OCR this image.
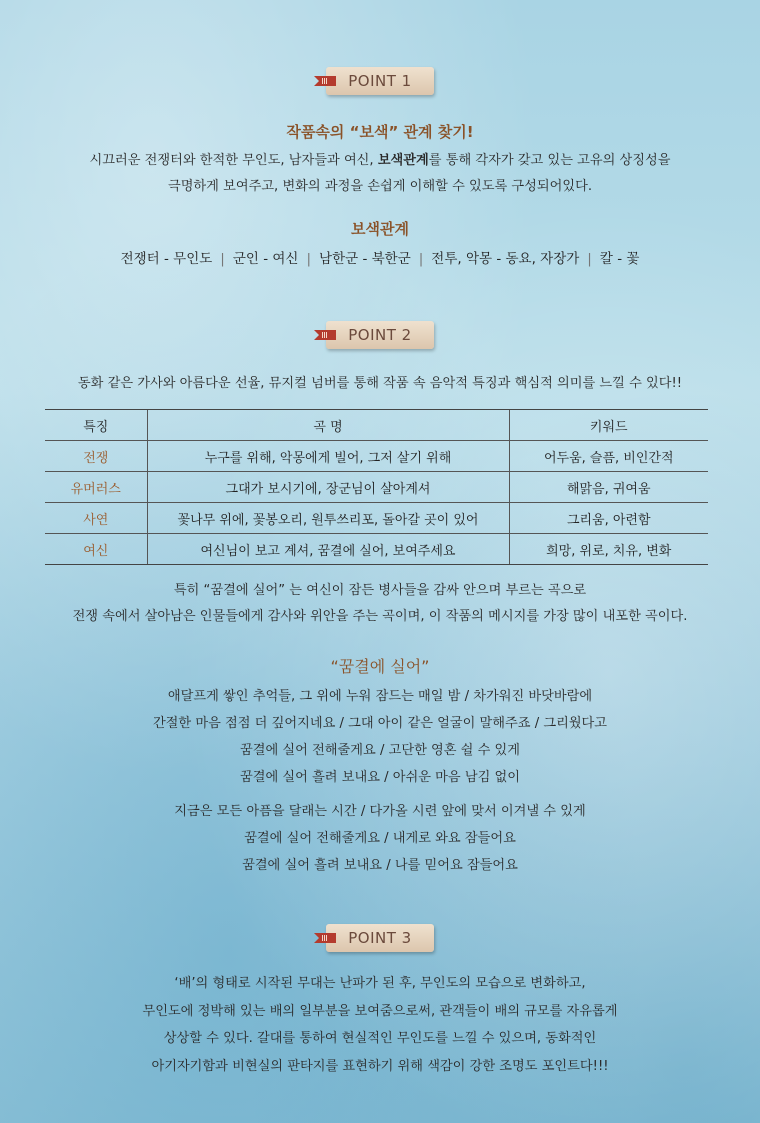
POINT 1
작품속의 “보색” 관계 찾기!
시끄러운 전쟁터와 한적한 무인도, 남자들과 여신, 보색관계를 통해 각자가 갖고 있는 고유의 상징성을
극명하게 보여주고, 변화의 과정을 손쉽게 이해할 수 있도록 구성되어있다.
보색관계
전쟁터 - 무인도 | 군인 - 여신 | 남한군 - 북한군 | 전투, 악몽 - 동요, 자장가 | 칼 - 꽃
POINT 2
동화 같은 가사와 아름다운 선율, 뮤지컬 넘버를 통해 작품 속 음악적 특징과 핵심적 의미를 느낄 수 있다!!
특징	곡 명	키워드
전쟁	누구를 위해, 악몽에게 빌어, 그저 살기 위해	어두움, 슬픔, 비인간적
유머러스	그대가 보시기에, 장군님이 살아계셔	해맑음, 귀여움
사연	꽃나무 위에, 꽃봉오리, 원투쓰리포, 돌아갈 곳이 있어	그리움, 아련함
여신	여신님이 보고 계셔, 꿈결에 실어, 보여주세요	희망, 위로, 치유, 변화
특히 “꿈결에 실어” 는 여신이 잠든 병사들을 감싸 안으며 부르는 곡으로
전쟁 속에서 살아남은 인물들에게 감사와 위안을 주는 곡이며, 이 작품의 메시지를 가장 많이 내포한 곡이다.
“꿈결에 실어”
애달프게 쌓인 추억들, 그 위에 누워 잠드는 매일 밤 / 차가워진 바닷바람에
간절한 마음 점점 더 깊어지네요 / 그대 아이 같은 얼굴이 말해주죠 / 그리웠다고
꿈결에 실어 전해줄게요 / 고단한 영혼 쉴 수 있게
꿈결에 실어 흘려 보내요 / 아쉬운 마음 남김 없이
지금은 모든 아픔을 달래는 시간 / 다가올 시련 앞에 맞서 이겨낼 수 있게
꿈결에 실어 전해줄게요 / 내게로 와요 잠들어요
꿈결에 실어 흘려 보내요 / 나를 믿어요 잠들어요
POINT 3
‘배’의 형태로 시작된 무대는 난파가 된 후, 무인도의 모습으로 변화하고,
무인도에 정박해 있는 배의 일부분을 보여줌으로써, 관객들이 배의 규모를 자유롭게
상상할 수 있다. 갈대를 통하여 현실적인 무인도를 느낄 수 있으며, 동화적인
아기자기함과 비현실의 판타지를 표현하기 위해 색감이 강한 조명도 포인트다!!!
